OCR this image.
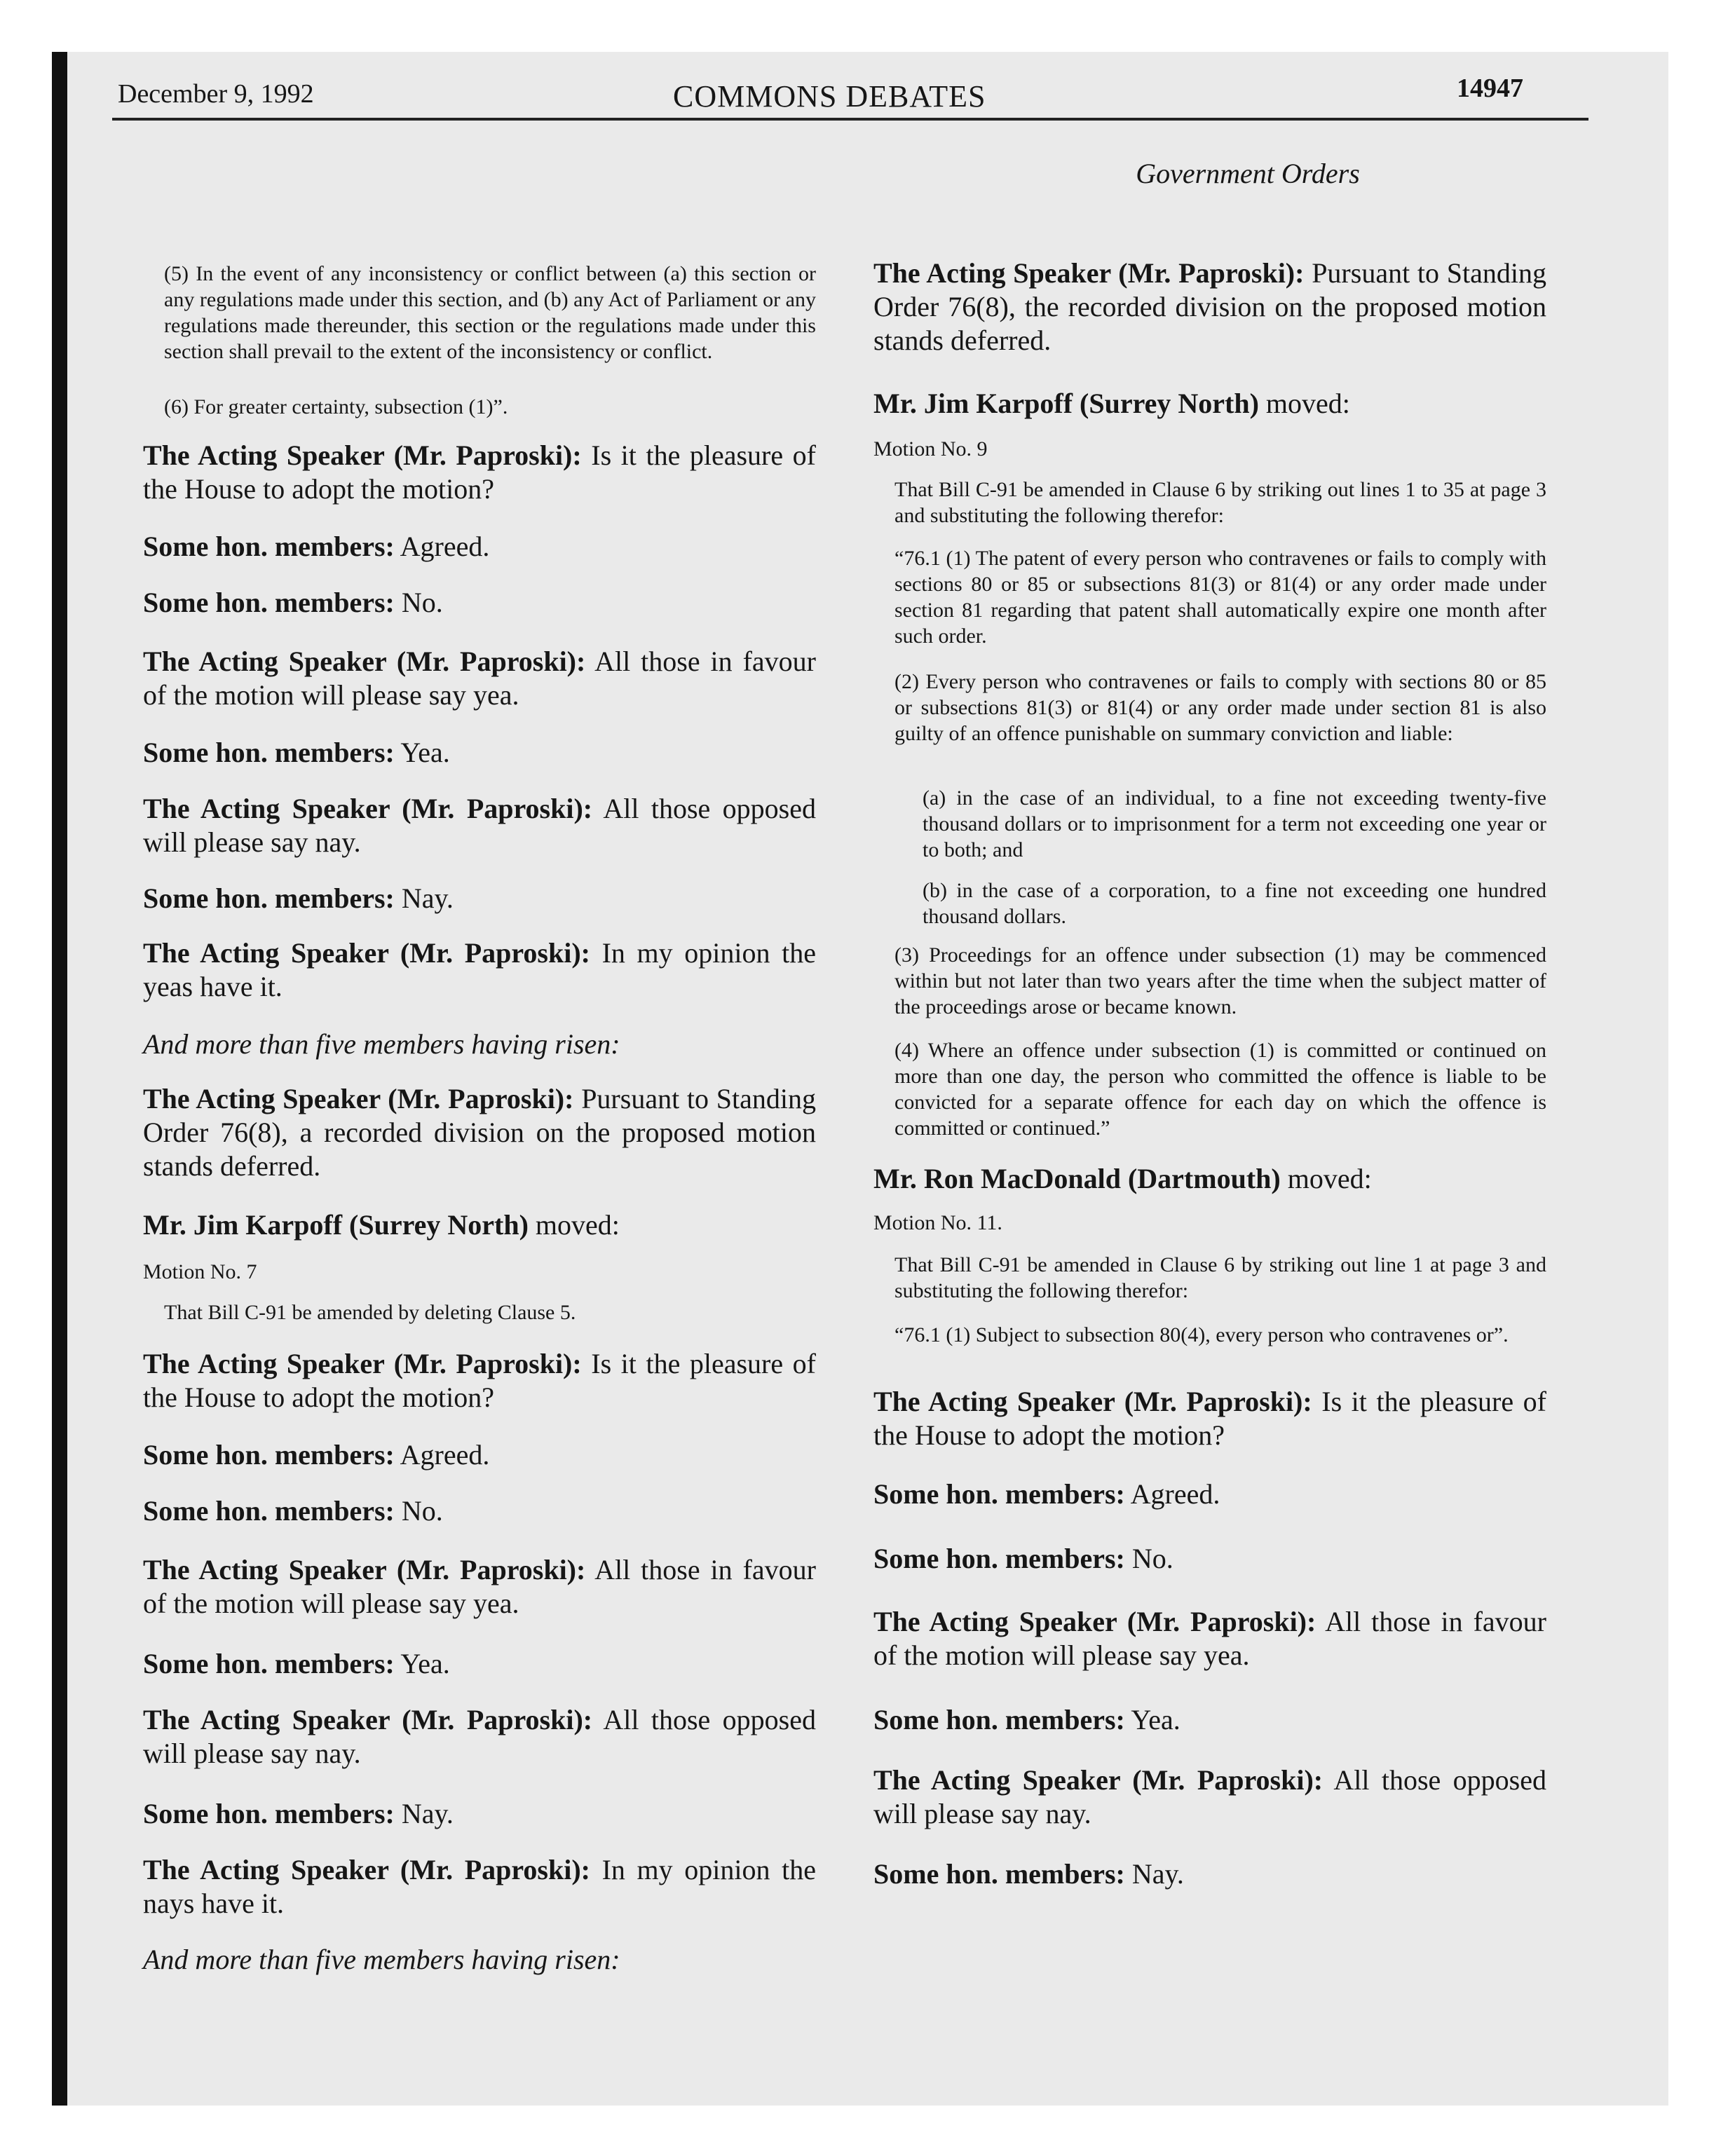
December 9, 1992	COMMONS DEBATES	14947
Government Orders

(5) In the event of any inconsistency or conflict between (a) this section or any regulations made under this section, and (b) any Act of Parliament or any regulations made thereunder, this section or the regulations made under this section shall prevail to the extent of the inconsistency or conflict.

(6) For greater certainty, subsection (1)”.

The Acting Speaker (Mr. Paproski): Is it the pleasure of the House to adopt the motion?

Some hon. members: Agreed.

Some hon. members: No.

The Acting Speaker (Mr. Paproski): All those in favour of the motion will please say yea.

Some hon. members: Yea.

The Acting Speaker (Mr. Paproski): All those opposed will please say nay.

Some hon. members: Nay.

The Acting Speaker (Mr. Paproski): In my opinion the yeas have it.

And more than five members having risen:

The Acting Speaker (Mr. Paproski): Pursuant to Standing Order 76(8), a recorded division on the proposed motion stands deferred.

Mr. Jim Karpoff (Surrey North) moved:

Motion No. 7

That Bill C-91 be amended by deleting Clause 5.

The Acting Speaker (Mr. Paproski): Is it the pleasure of the House to adopt the motion?

Some hon. members: Agreed.

Some hon. members: No.

The Acting Speaker (Mr. Paproski): All those in favour of the motion will please say yea.

Some hon. members: Yea.

The Acting Speaker (Mr. Paproski): All those opposed will please say nay.

Some hon. members: Nay.

The Acting Speaker (Mr. Paproski): In my opinion the nays have it.

And more than five members having risen:

The Acting Speaker (Mr. Paproski): Pursuant to Standing Order 76(8), the recorded division on the proposed motion stands deferred.

Mr. Jim Karpoff (Surrey North) moved:

Motion No. 9

That Bill C-91 be amended in Clause 6 by striking out lines 1 to 35 at page 3 and substituting the following therefor:

“76.1 (1) The patent of every person who contravenes or fails to comply with sections 80 or 85 or subsections 81(3) or 81(4) or any order made under section 81 regarding that patent shall automatically expire one month after such order.

(2) Every person who contravenes or fails to comply with sections 80 or 85 or subsections 81(3) or 81(4) or any order made under section 81 is also guilty of an offence punishable on summary conviction and liable:

(a) in the case of an individual, to a fine not exceeding twenty-five thousand dollars or to imprisonment for a term not exceeding one year or to both; and

(b) in the case of a corporation, to a fine not exceeding one hundred thousand dollars.

(3) Proceedings for an offence under subsection (1) may be commenced within but not later than two years after the time when the subject matter of the proceedings arose or became known.

(4) Where an offence under subsection (1) is committed or continued on more than one day, the person who committed the offence is liable to be convicted for a separate offence for each day on which the offence is committed or continued.”

Mr. Ron MacDonald (Dartmouth) moved:

Motion No. 11.

That Bill C-91 be amended in Clause 6 by striking out line 1 at page 3 and substituting the following therefor:

“76.1 (1) Subject to subsection 80(4), every person who contravenes or”.

The Acting Speaker (Mr. Paproski): Is it the pleasure of the House to adopt the motion?

Some hon. members: Agreed.

Some hon. members: No.

The Acting Speaker (Mr. Paproski): All those in favour of the motion will please say yea.

Some hon. members: Yea.

The Acting Speaker (Mr. Paproski): All those opposed will please say nay.

Some hon. members: Nay.
